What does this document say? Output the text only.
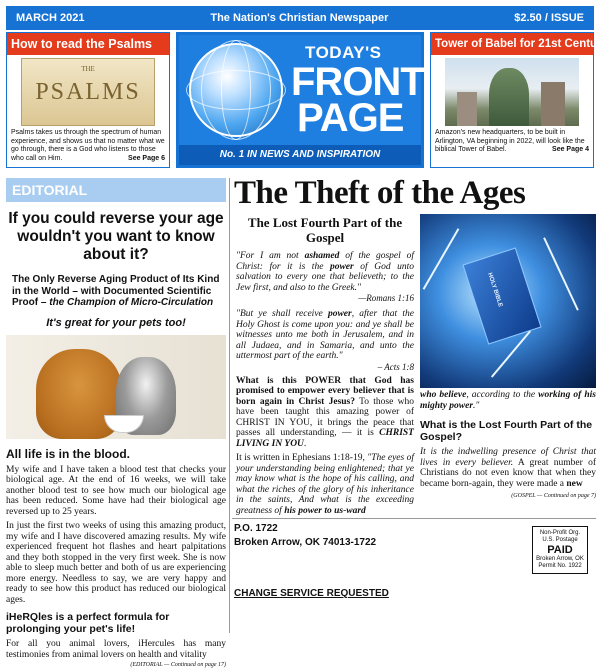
MARCH 2021	The Nation's Christian Newspaper	$2.50 / ISSUE
How to read the Psalms
THE
PSALMS
Psalms takes us through the spectrum of human experience, and shows us that no matter what we go through, there is a God who listens to those who call on Him.	See Page 6
TODAY'S
FRONT
PAGE
No. 1 IN NEWS AND INSPIRATION
Tower of Babel for 21st Century
Amazon's new headquarters, to be built in Arlington, VA beginning in 2022, will look like the biblical Tower of Babel.	See Page 4
EDITORIAL
If you could reverse your age wouldn't you want to know about it?
The Only Reverse Aging Product of Its Kind in the World – with Documented Scientific Proof – the Champion of Micro-Circulation
It's great for your pets too!
All life is in the blood.
My wife and I have taken a blood test that checks your biological age. At the end of 16 weeks, we will take another blood test to see how much our biological age has been reduced. Some have had their biological age reversed up to 25 years.
In just the first two weeks of using this amazing product, my wife and I have discovered amazing results. My wife experienced frequent hot flashes and heart palpitations and they both stopped in the very first week. She is now able to sleep much better and both of us are experiencing more energy. Needless to say, we are very happy and ready to see how this product has reduced our biological ages.
iHeRQles is a perfect formula for prolonging your pet's life!
For all you animal lovers, iHercules has many testimonies from animal lovers on health and vitality
(EDITORIAL — Continued on page 17)
The Theft of the Ages
The Lost Fourth Part of the Gospel
"For I am not ashamed of the gospel of Christ: for it is the power of God unto salvation to every one that believeth; to the Jew first, and also to the Greek."
—Romans 1:16
"But ye shall receive power, after that the Holy Ghost is come upon you: and ye shall be witnesses unto me both in Jerusalem, and in all Judaea, and in Samaria, and unto the uttermost part of the earth."
– Acts 1:8
What is this POWER that God has promised to empower every believer that is born again in Christ Jesus? To those who have been taught this amazing power of CHRIST IN YOU, it brings the peace that passes all understanding, — it is CHRIST LIVING IN YOU.
It is written in Ephesians 1:18-19, "The eyes of your understanding being enlightened; that ye may know what is the hope of his calling, and what the riches of the glory of his inheritance in the saints, And what is the exceeding greatness of his power to us-ward
HOLY BIBLE
who believe, according to the working of his mighty power."
What is the Lost Fourth Part of the Gospel?
It is the indwelling presence of Christ that lives in every believer. A great number of Christians do not even know that when they became born-again, they were made a new
(GOSPEL — Continued on page 7)
P.O. 1722
Broken Arrow, OK 74013-1722
CHANGE SERVICE REQUESTED
Non-Profit Org.
U.S. Postage
PAID
Broken Arrow, OK
Permit No. 1922
